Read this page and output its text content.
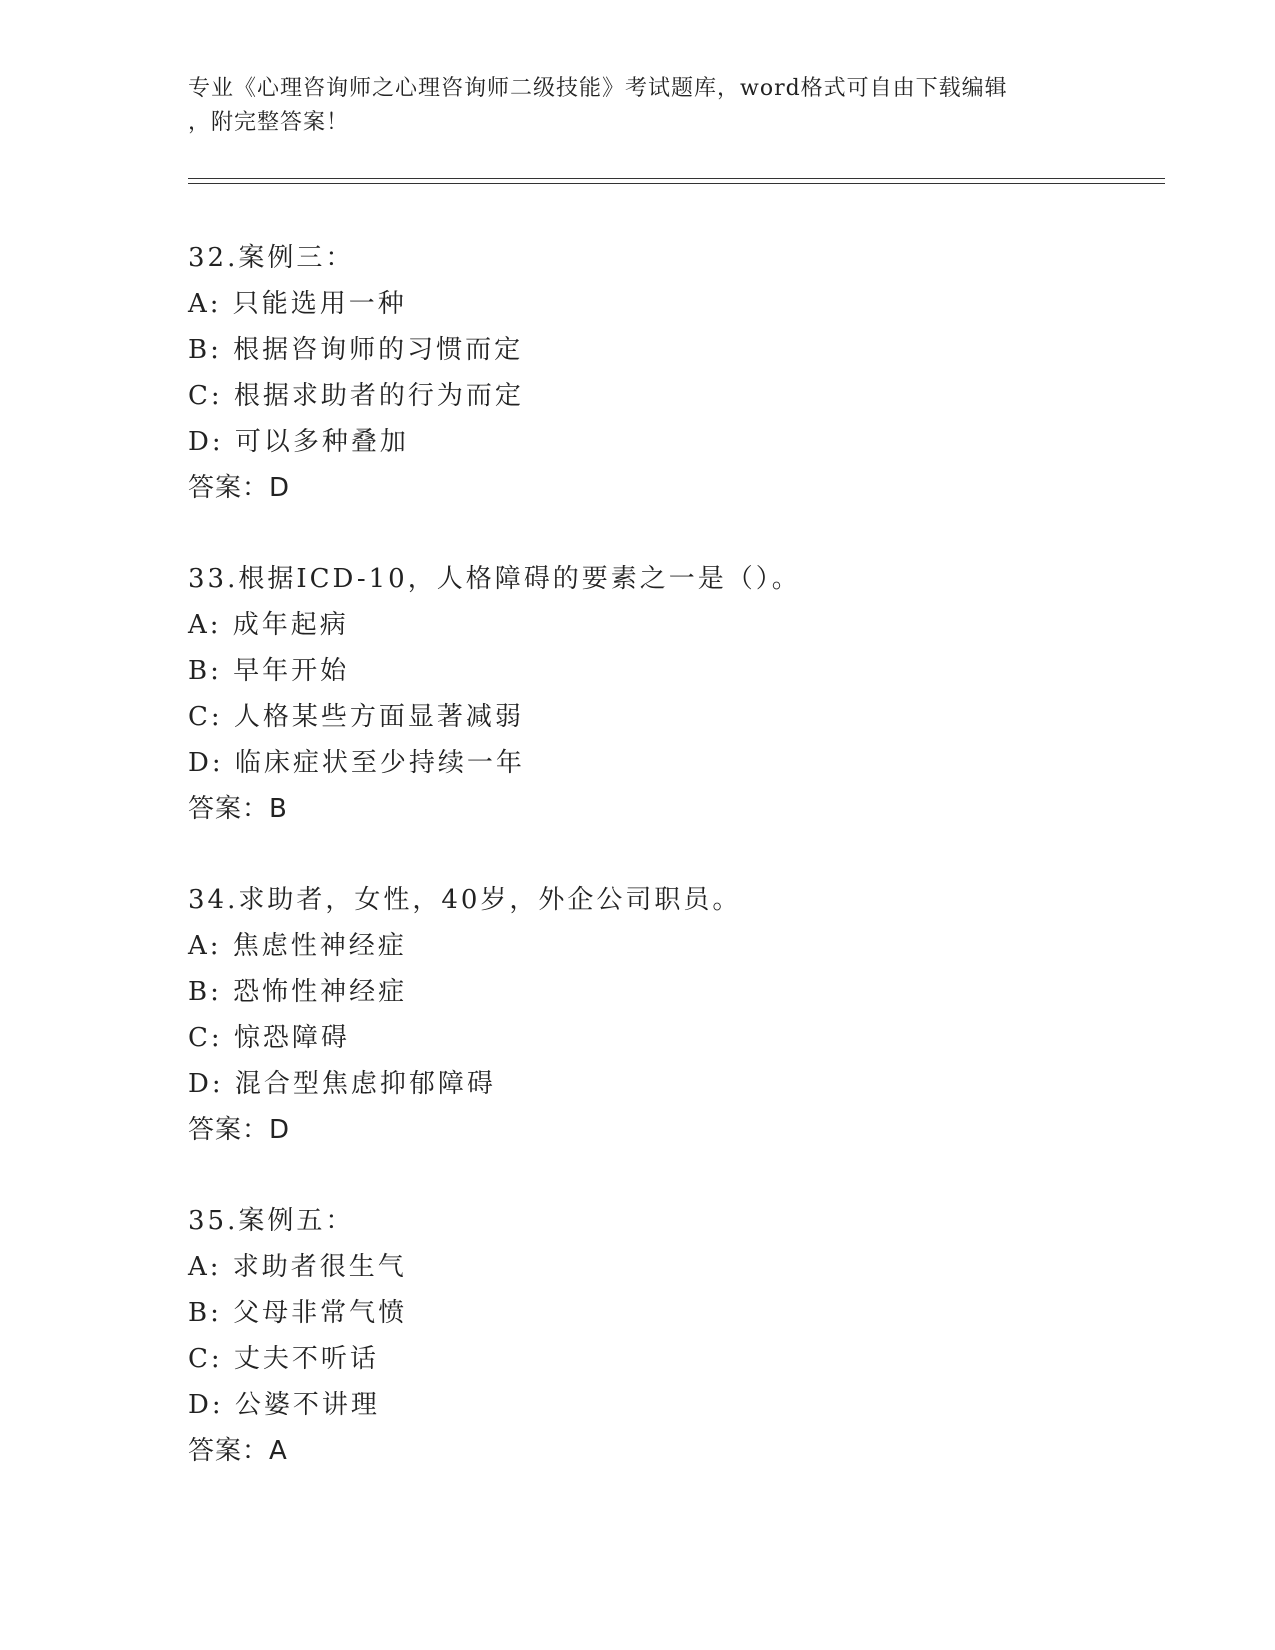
专业《心理咨询师之心理咨询师二级技能》考试题库，word格式可自由下载编辑
，附完整答案！
32.案例三：
A: 只能选用一种
B: 根据咨询师的习惯而定
C: 根据求助者的行为而定
D: 可以多种叠加
答案：D
33.根据ICD-10，人格障碍的要素之一是（）。
A: 成年起病
B: 早年开始
C: 人格某些方面显著减弱
D: 临床症状至少持续一年
答案：B
34.求助者，女性，40岁，外企公司职员。
A: 焦虑性神经症
B: 恐怖性神经症
C: 惊恐障碍
D: 混合型焦虑抑郁障碍
答案：D
35.案例五：
A: 求助者很生气
B: 父母非常气愤
C: 丈夫不听话
D: 公婆不讲理
答案：A
